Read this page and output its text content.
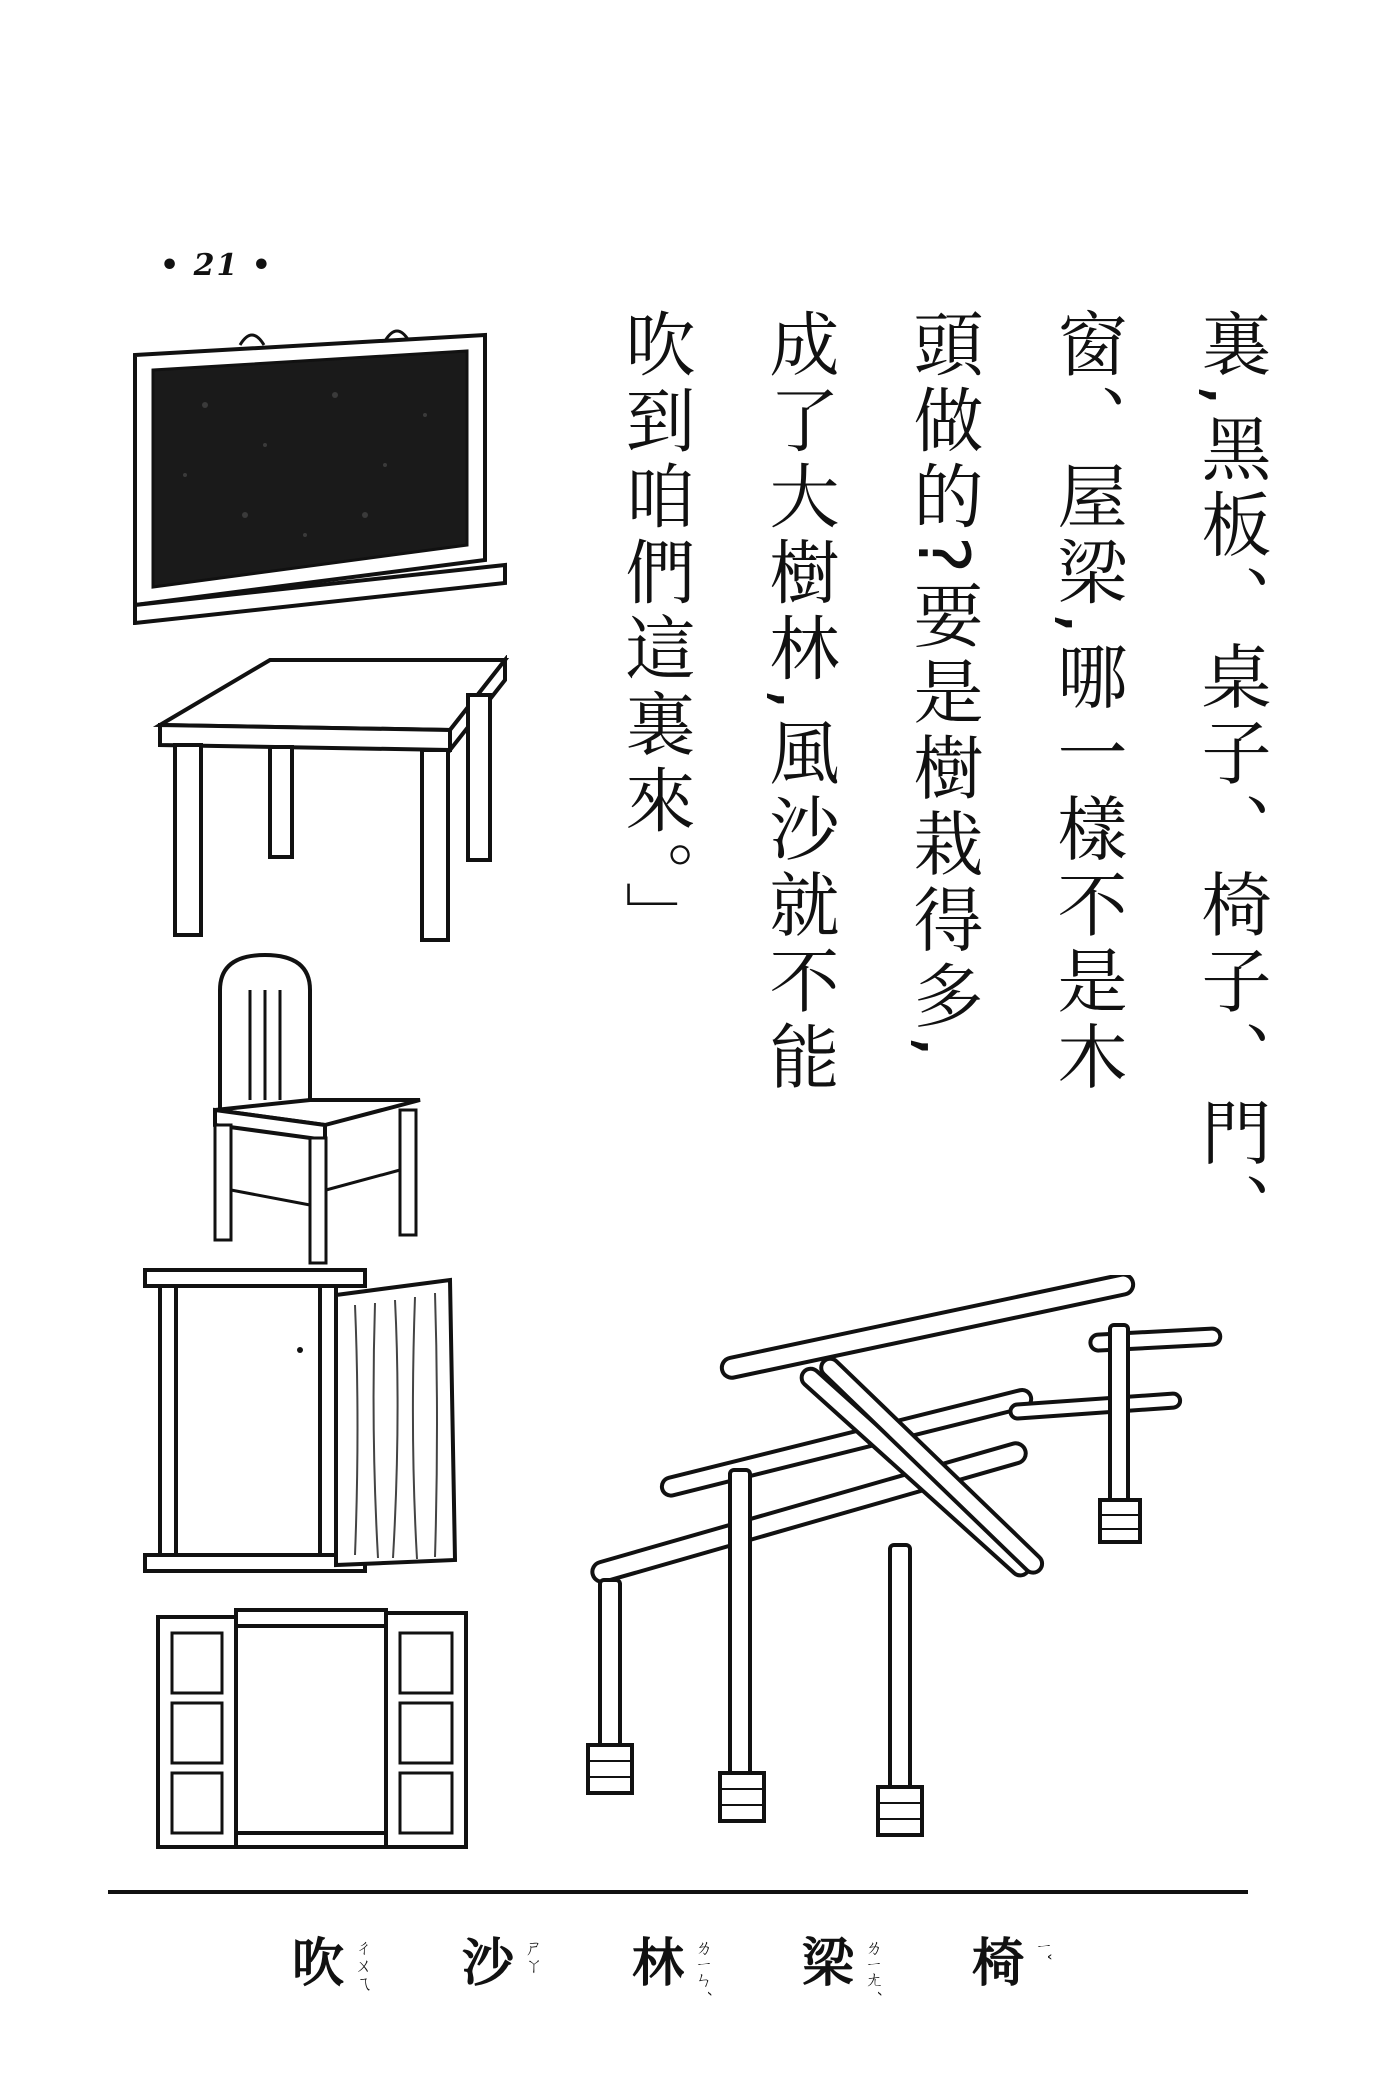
• 21 •
裏,黑板、桌子、椅子、門、
窗、屋梁,哪一樣不是木
頭做的?要是樹栽得多,
成了大樹林,風沙就不能
吹到咱們這裏來。」
吹 ㄔㄨㄟ 沙 ㄕㄚ 林 ㄌㄧㄣˊ 梁 ㄌㄧㄤˊ 椅 ㄧˇ
